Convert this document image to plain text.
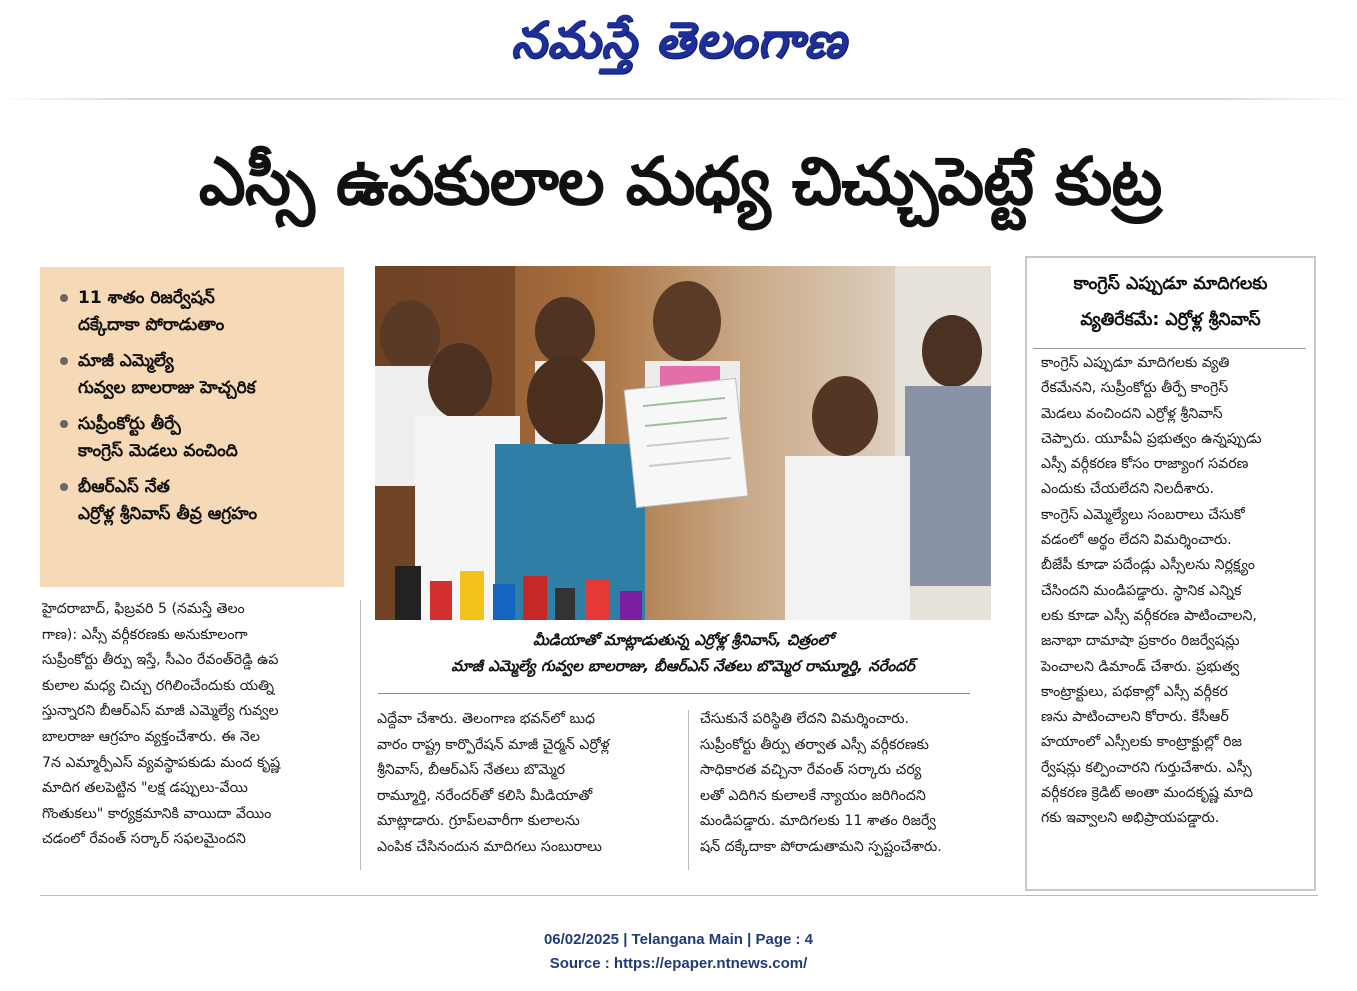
నమస్తే తెలంగాణ
ఎస్సీ ఉపకులాల మధ్య చిచ్చుపెట్టే కుట్ర
11 శాతం రిజర్వేషన్
దక్కేదాకా పోరాడుతాం
మాజీ ఎమ్మెల్యే
గువ్వల బాలరాజు హెచ్చరిక
సుప్రీంకోర్టు తీర్పే
కాంగ్రెస్ మెడలు వంచింది
బీఆర్ఎస్ నేత
ఎర్రోళ్ల శ్రీనివాస్ తీవ్ర ఆగ్రహం
మీడియాతో మాట్లాడుతున్న ఎర్రోళ్ల శ్రీనివాస్, చిత్రంలో
మాజీ ఎమ్మెల్యే గువ్వల బాలరాజు, బీఆర్ఎస్ నేతలు బొమ్మెర రామ్మూర్తి, నరేందర్
హైదరాబాద్, ఫిబ్రవరి 5 (నమస్తే తెలం
గాణ): ఎస్సీ వర్గీకరణకు అనుకూలంగా
సుప్రీంకోర్టు తీర్పు ఇస్తే, సీఎం రేవంత్‌రెడ్డి ఉప
కులాల మధ్య చిచ్చు రగిలించేందుకు యత్ని
స్తున్నారని బీఆర్ఎస్ మాజీ ఎమ్మెల్యే గువ్వల
బాలరాజు ఆగ్రహం వ్యక్తంచేశారు. ఈ నెల
7న ఎమ్మార్పీఎస్ వ్యవస్థాపకుడు మంద కృష్ణ
మాదిగ తలపెట్టిన "లక్ష డప్పులు-వేయి
గొంతుకలు" కార్యక్రమానికి వాయిదా వేయిం
చడంలో రేవంత్ సర్కార్ సఫలమైందని
ఎద్దేవా చేశారు. తెలంగాణ భవన్‌లో బుధ
వారం రాష్ట్ర కార్పొరేషన్ మాజీ చైర్మన్ ఎర్రోళ్ల
శ్రీనివాస్, బీఆర్ఎస్ నేతలు బొమ్మెర
రామ్మూర్తి, నరేందర్‌తో కలిసి మీడియాతో
మాట్లాడారు. గ్రూప్‌లవారీగా కులాలను
ఎంపిక చేసినందున మాదిగలు సంబురాలు
చేసుకునే పరిస్థితి లేదని విమర్శించారు.
సుప్రీంకోర్టు తీర్పు తర్వాత ఎస్సీ వర్గీకరణకు
సాధికారత వచ్చినా రేవంత్ సర్కారు చర్య
లతో ఎదిగిన కులాలకే న్యాయం జరిగిందని
మండిపడ్డారు. మాదిగలకు 11 శాతం రిజర్వే
షన్ దక్కేదాకా పోరాడుతామని స్పష్టంచేశారు.
కాంగ్రెస్ ఎప్పుడూ మాదిగలకు
వ్యతిరేకమే: ఎర్రోళ్ల శ్రీనివాస్
కాంగ్రెస్ ఎప్పుడూ మాదిగలకు వ్యతి
రేకమేనని, సుప్రీంకోర్టు తీర్పే కాంగ్రెస్
మెడలు వంచిందని ఎర్రోళ్ల శ్రీనివాస్
చెప్పారు. యూపీఏ ప్రభుత్వం ఉన్నప్పుడు
ఎస్సీ వర్గీకరణ కోసం రాజ్యాంగ సవరణ
ఎందుకు చేయలేదని నిలదీశారు.
కాంగ్రెస్ ఎమ్మెల్యేలు సంబరాలు చేసుకో
వడంలో అర్థం లేదని విమర్శించారు.
బీజేపీ కూడా పదేండ్లు ఎస్సీలను నిర్లక్ష్యం
చేసిందని మండిపడ్డారు. స్థానిక ఎన్నిక
లకు కూడా ఎస్సీ వర్గీకరణ పాటించాలని,
జనాభా దామాషా ప్రకారం రిజర్వేషన్లు
పెంచాలని డిమాండ్ చేశారు. ప్రభుత్వ
కాంట్రాక్టులు, పథకాల్లో ఎస్సీ వర్గీకర
ణను పాటించాలని కోరారు. కేసీఆర్
హయాంలో ఎస్సీలకు కాంట్రాక్టుల్లో రిజ
ర్వేషన్లు కల్పించారని గుర్తుచేశారు. ఎస్సీ
వర్గీకరణ క్రెడిట్ అంతా మందకృష్ణ మాది
గకు ఇవ్వాలని అభిప్రాయపడ్డారు.
06/02/2025 | Telangana Main | Page : 4
Source : https://epaper.ntnews.com/
